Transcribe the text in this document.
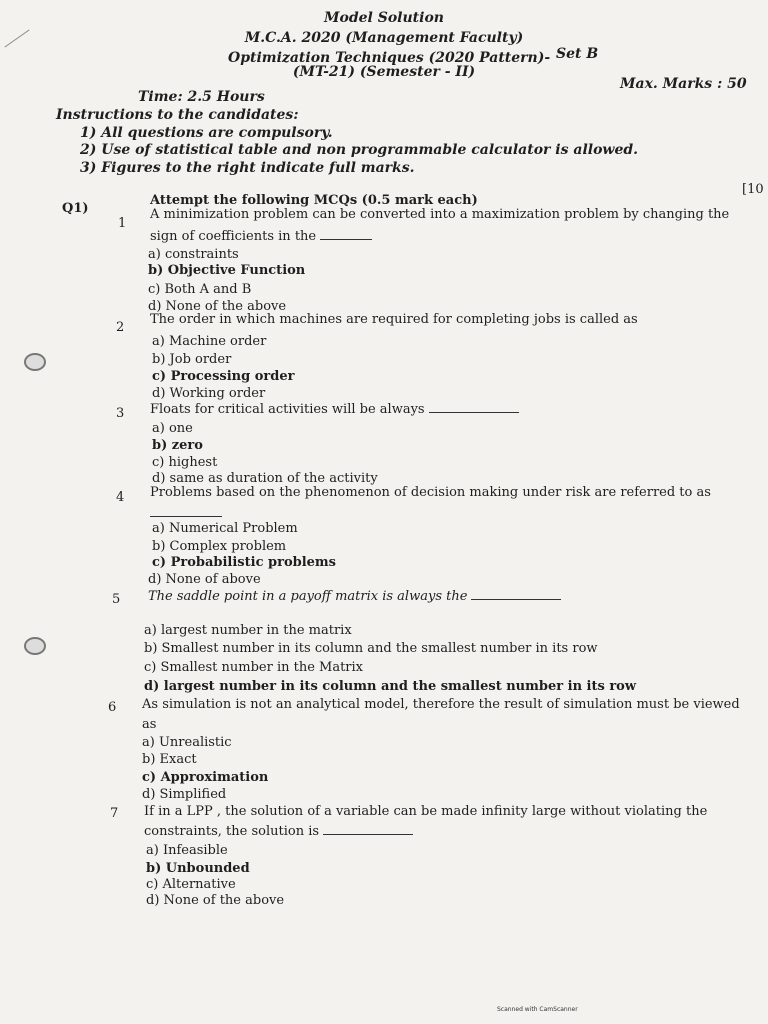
Model Solution
M.C.A. 2020 (Management Faculty)
Optimization Techniques (2020 Pattern)- Set B
(MT-21) (Semester - II)
Max. Marks : 50
Time: 2.5 Hours
Instructions to the candidates:
1) All questions are compulsory.
2) Use of statistical table and non programmable calculator is allowed.
3) Figures to the right indicate full marks.
Q1)
Attempt the following MCQs (0.5 mark each)
[10
1
A minimization problem can be converted into a maximization problem by changing the
sign of coefficients in the
a) constraints
b) Objective Function
c) Both A and B
d) None of the above
2
The order in which machines are required for completing jobs is called as
a) Machine order
b) Job order
c) Processing order
d) Working order
3 Floats for critical activities will be always
a) one
b) zero
c) highest
d) same as duration of the activity
4 Problems based on the phenomenon of decision making under risk are referred to as
a) Numerical Problem
b) Complex problem
c) Probabilistic problems
d) None of above
5 The saddle point in a payoff matrix is always the
a) largest number in the matrix
b) Smallest number in its column and the smallest number in its row
c) Smallest number in the Matrix
d) largest number in its column and the smallest number in its row
6 As simulation is not an analytical model, therefore the result of simulation must be viewed
as
a) Unrealistic
b) Exact
c) Approximation
d) Simplified
7 If in a LPP , the solution of a variable can be made infinity large without violating the
constraints, the solution is
a) Infeasible
b) Unbounded
c) Alternative
d) None of the above
Scanned with CamScanner
